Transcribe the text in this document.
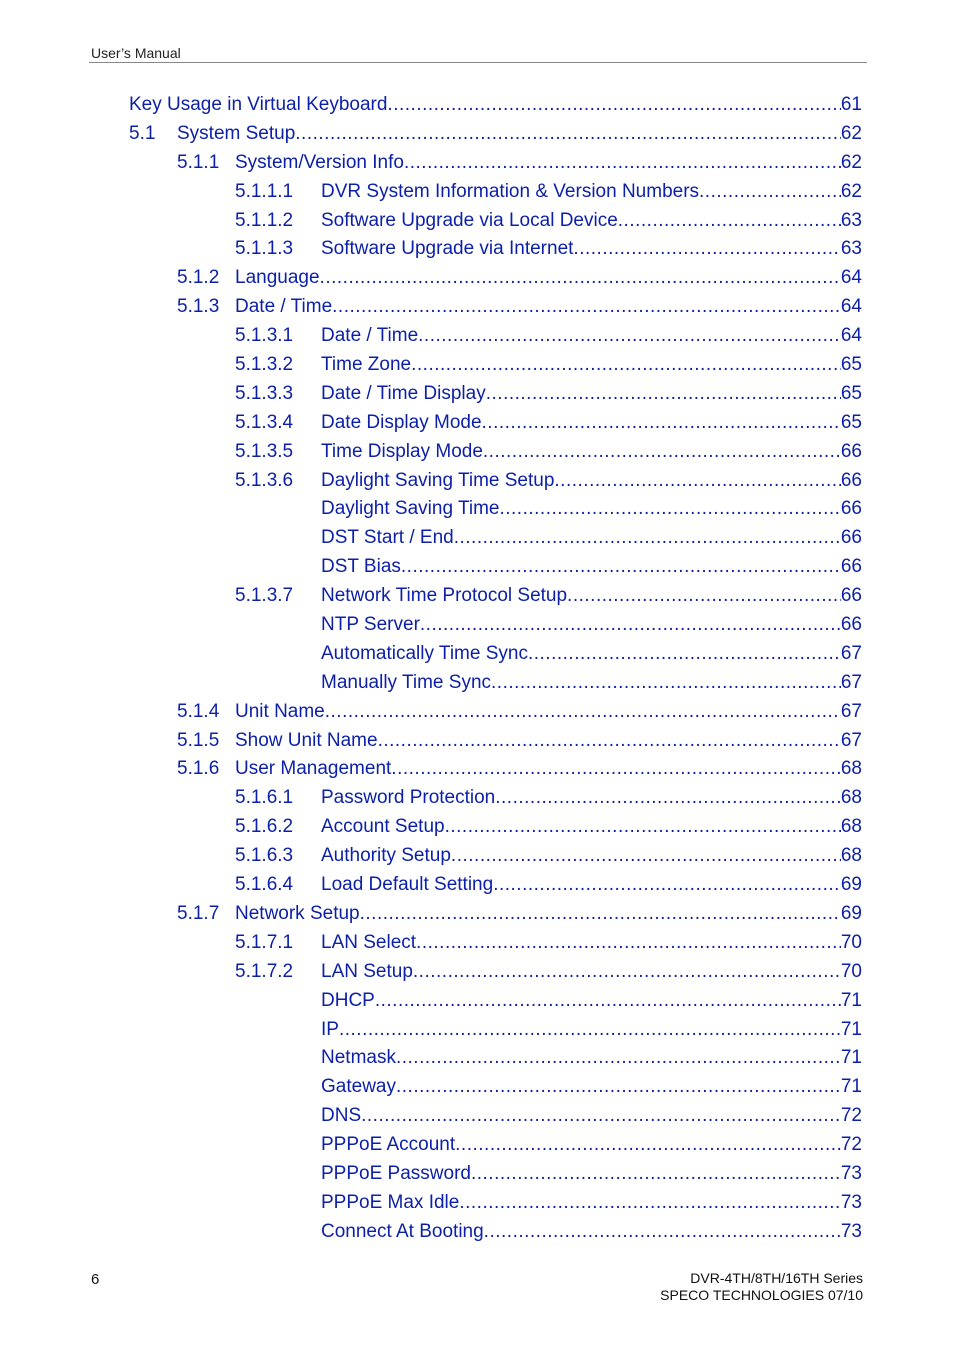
User’s Manual
Key Usage in Virtual Keyboard .....	61
5.1 System Setup .....	62
5.1.1 System/Version Info .....	62
5.1.1.1 DVR System Information & Version Numbers .....	62
5.1.1.2 Software Upgrade via Local Device .....	63
5.1.1.3 Software Upgrade via Internet .....	63
5.1.2 Language .....	64
5.1.3 Date / Time .....	64
5.1.3.1 Date / Time .....	64
5.1.3.2 Time Zone .....	65
5.1.3.3 Date / Time Display .....	65
5.1.3.4 Date Display Mode .....	65
5.1.3.5 Time Display Mode .....	66
5.1.3.6 Daylight Saving Time Setup .....	66
Daylight Saving Time .....	66
DST Start / End .....	66
DST Bias .....	66
5.1.3.7 Network Time Protocol Setup .....	66
NTP Server .....	66
Automatically Time Sync .....	67
Manually Time Sync .....	67
5.1.4 Unit Name .....	67
5.1.5 Show Unit Name .....	67
5.1.6 User Management .....	68
5.1.6.1 Password Protection .....	68
5.1.6.2 Account Setup .....	68
5.1.6.3 Authority Setup .....	68
5.1.6.4 Load Default Setting .....	69
5.1.7 Network Setup .....	69
5.1.7.1 LAN Select .....	70
5.1.7.2 LAN Setup .....	70
DHCP .....	71
IP .....	71
Netmask .....	71
Gateway .....	71
DNS .....	72
PPPoE Account .....	72
PPPoE Password .....	73
PPPoE Max Idle .....	73
Connect At Booting .....	73
6	DVR-4TH/8TH/16TH Series
SPECO TECHNOLOGIES 07/10
